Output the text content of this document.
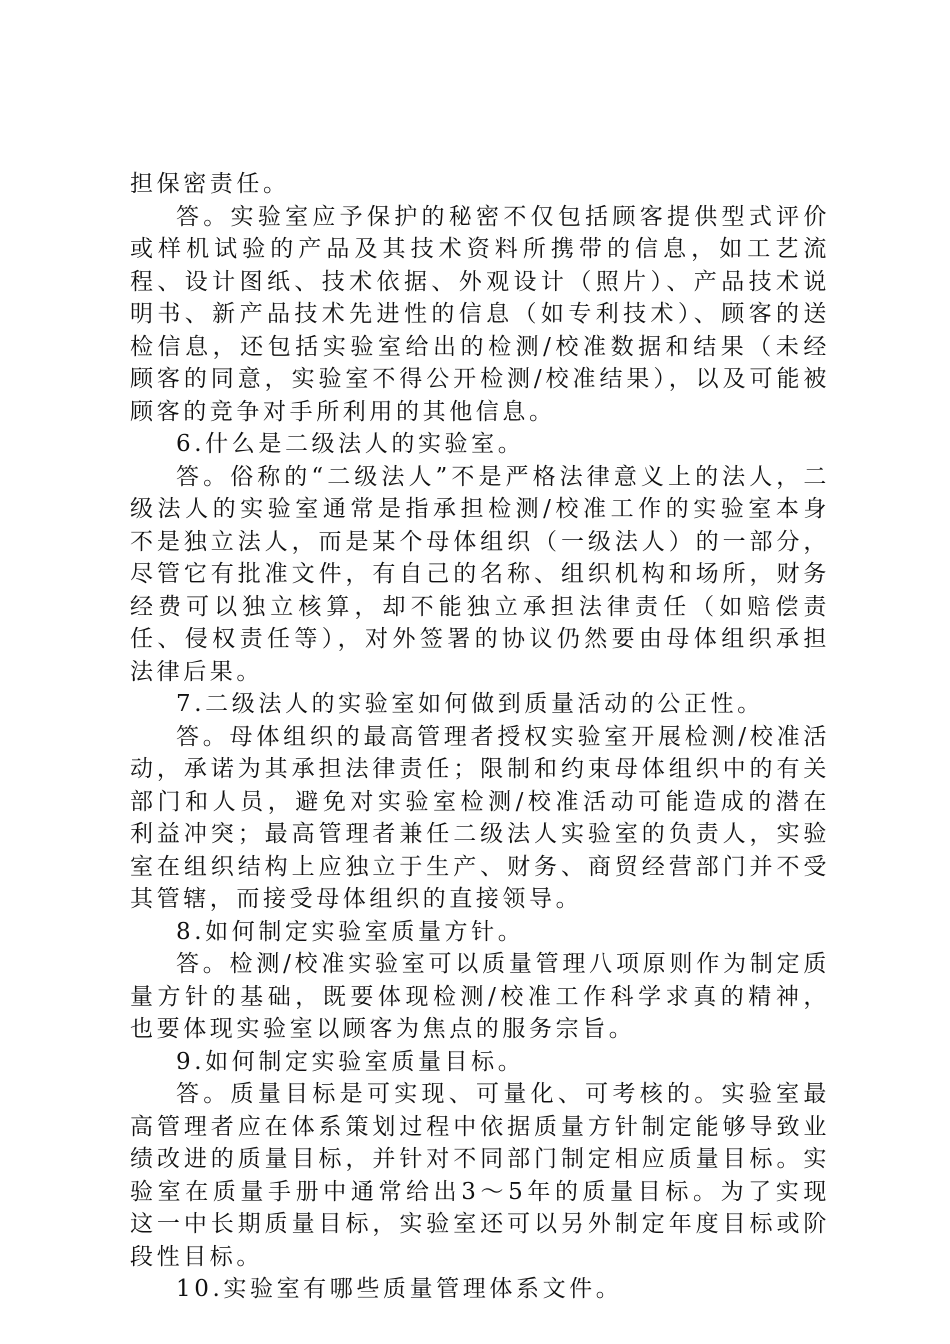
担保密责任。

答。实验室应予保护的秘密不仅包括顾客提供型式评价或样机试验的产品及其技术资料所携带的信息，如工艺流程、设计图纸、技术依据、外观设计（照片）、产品技术说明书、新产品技术先进性的信息（如专利技术）、顾客的送检信息，还包括实验室给出的检测/校准数据和结果（未经顾客的同意，实验室不得公开检测/校准结果），以及可能被顾客的竞争对手所利用的其他信息。

6.什么是二级法人的实验室。

答。俗称的“二级法人”不是严格法律意义上的法人，二级法人的实验室通常是指承担检测/校准工作的实验室本身不是独立法人，而是某个母体组织（一级法人）的一部分，尽管它有批准文件，有自己的名称、组织机构和场所，财务经费可以独立核算，却不能独立承担法律责任（如赔偿责任、侵权责任等），对外签署的协议仍然要由母体组织承担法律后果。

7.二级法人的实验室如何做到质量活动的公正性。

答。母体组织的最高管理者授权实验室开展检测/校准活动，承诺为其承担法律责任；限制和约束母体组织中的有关部门和人员，避免对实验室检测/校准活动可能造成的潜在利益冲突；最高管理者兼任二级法人实验室的负责人，实验室在组织结构上应独立于生产、财务、商贸经营部门并不受其管辖，而接受母体组织的直接领导。

8.如何制定实验室质量方针。

答。检测/校准实验室可以质量管理八项原则作为制定质量方针的基础，既要体现检测/校准工作科学求真的精神，也要体现实验室以顾客为焦点的服务宗旨。

9.如何制定实验室质量目标。

答。质量目标是可实现、可量化、可考核的。实验室最高管理者应在体系策划过程中依据质量方针制定能够导致业绩改进的质量目标，并针对不同部门制定相应质量目标。实验室在质量手册中通常给出3～5年的质量目标。为了实现这一中长期质量目标，实验室还可以另外制定年度目标或阶段性目标。

10.实验室有哪些质量管理体系文件。
